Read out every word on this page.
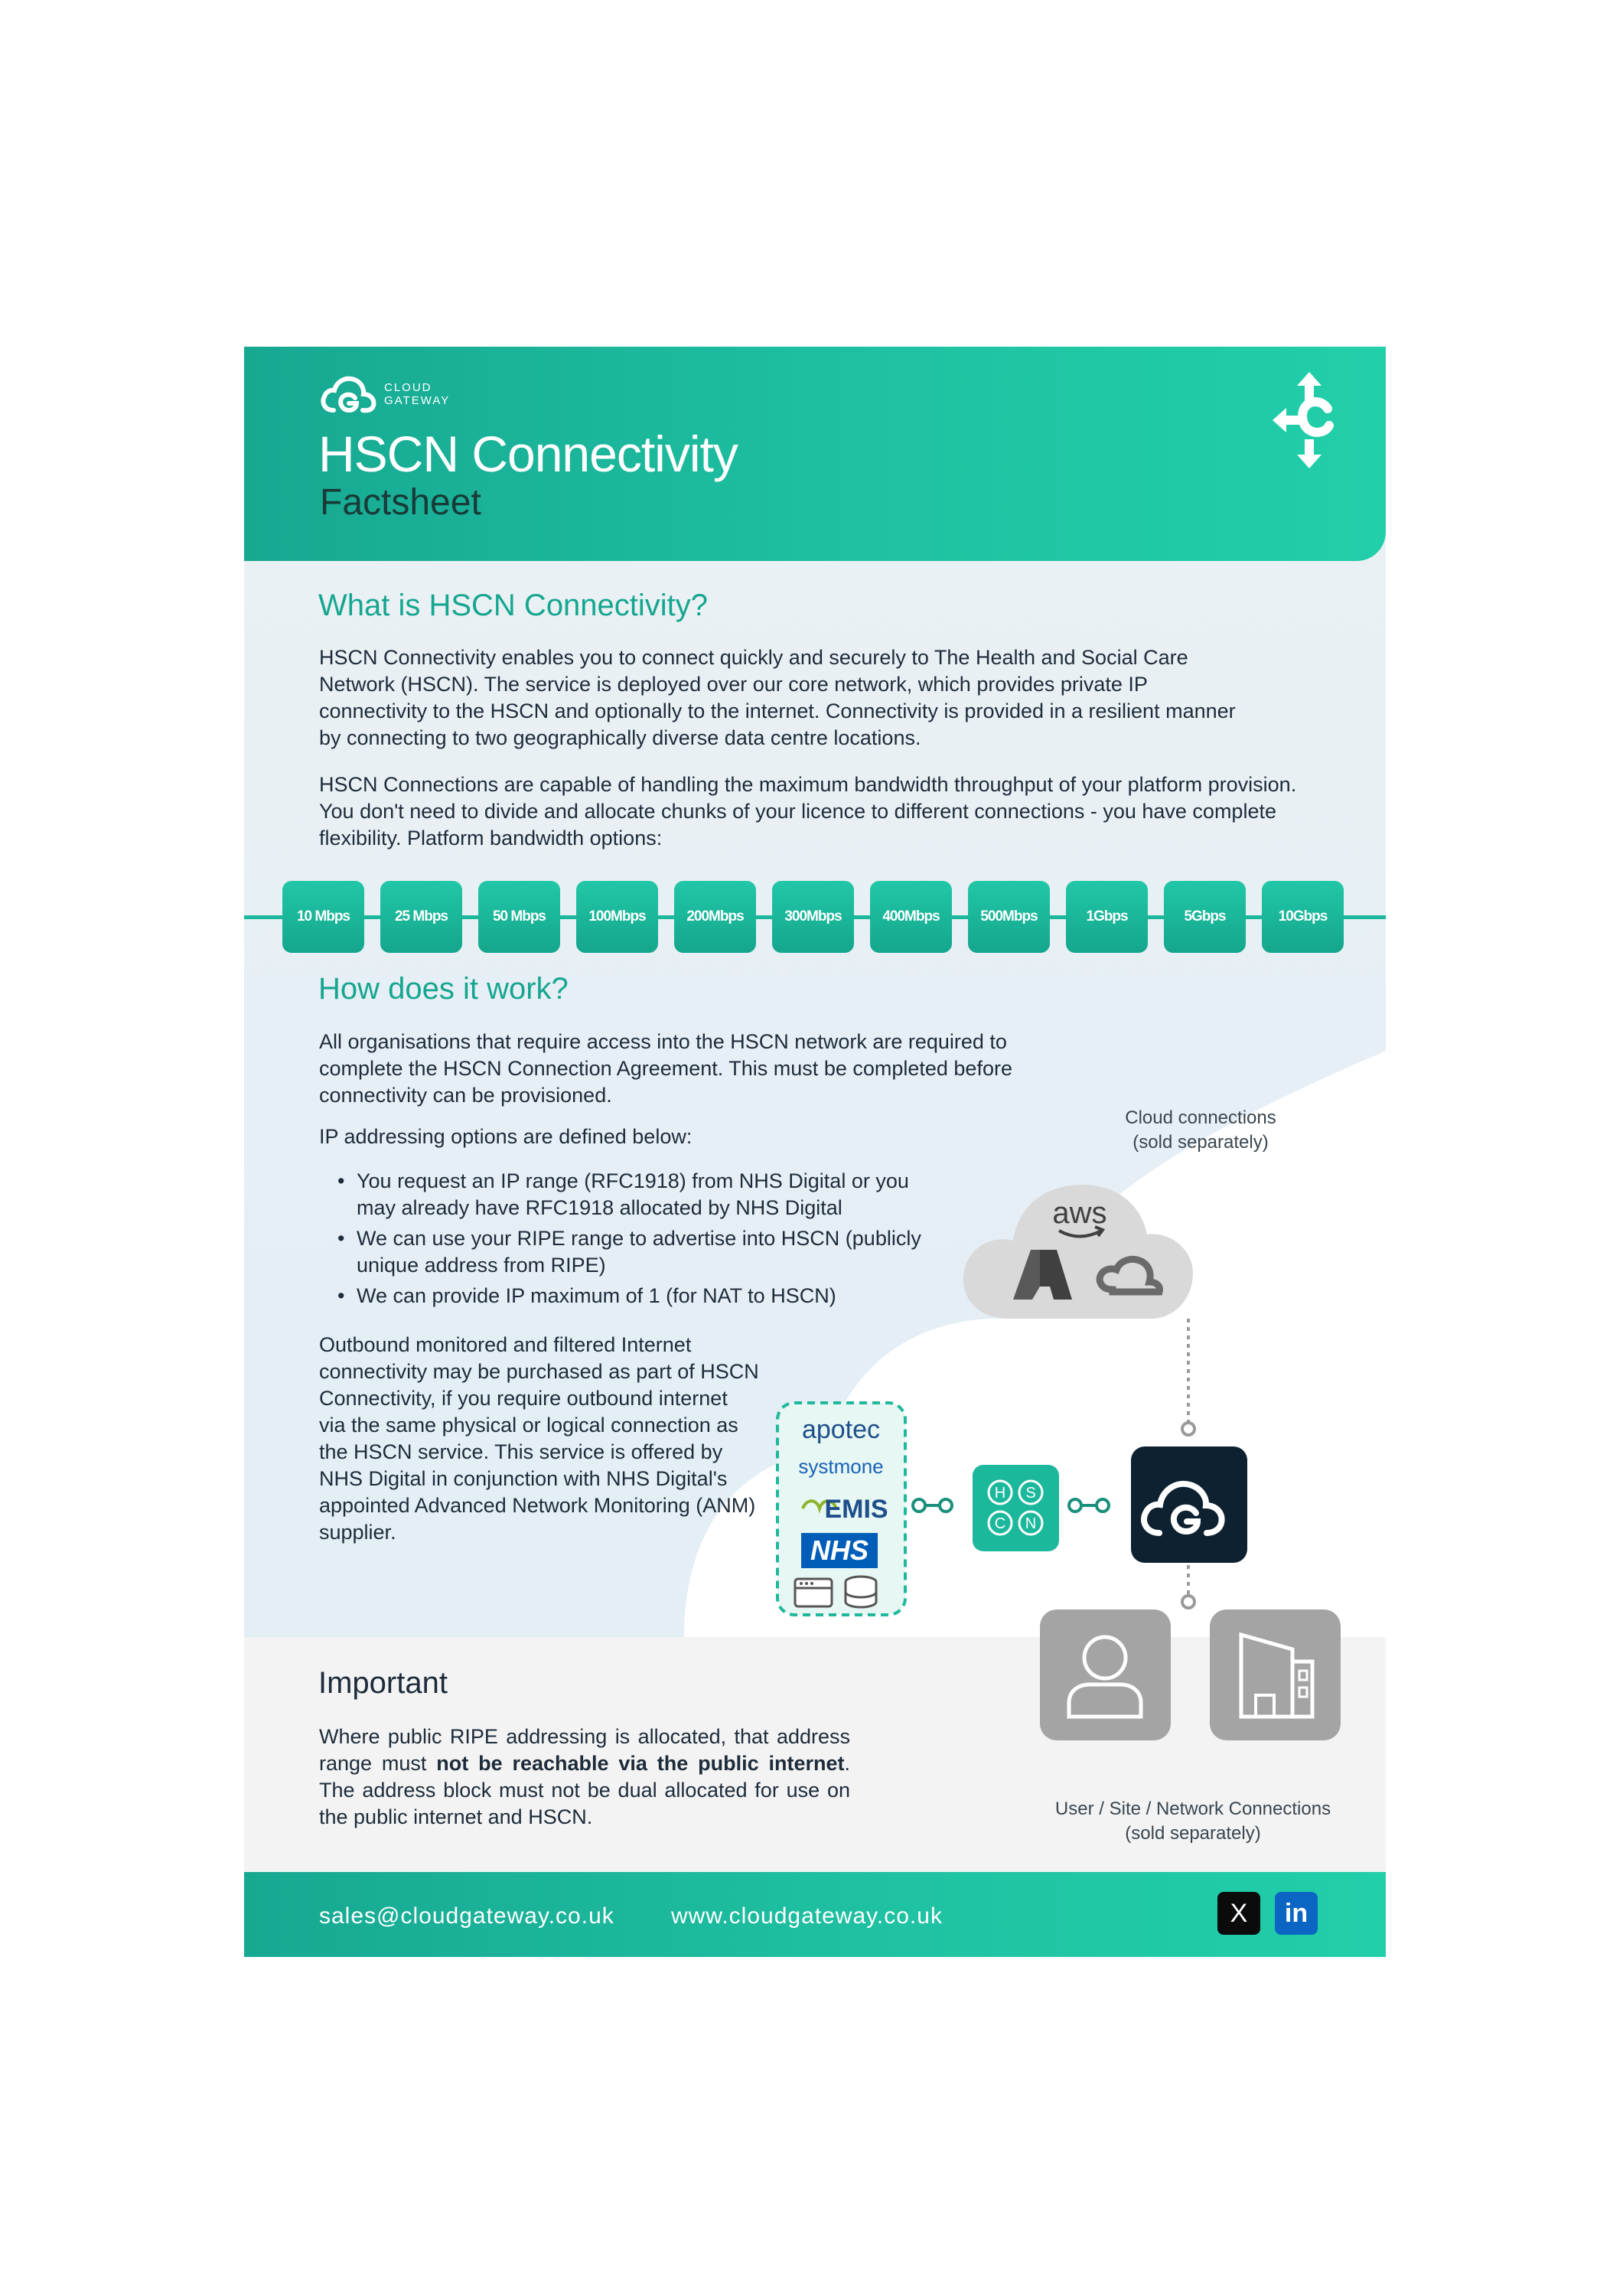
CLOUD
GATEWAY
HSCN Connectivity
Factsheet
What is HSCN Connectivity?

HSCN Connectivity enables you to connect quickly and securely to The Health and Social Care Network (HSCN). The service is deployed over our core network, which provides private IP connectivity to the HSCN and optionally to the internet. Connectivity is provided in a resilient manner by connecting to two geographically diverse data centre locations.

HSCN Connections are capable of handling the maximum bandwidth throughput of your platform provision. You don't need to divide and allocate chunks of your licence to different connections - you have complete flexibility. Platform bandwidth options:

10 Mbps	25 Mbps	50 Mbps	100Mbps	200Mbps	300Mbps	400Mbps	500Mbps	1Gbps	5Gbps	10Gbps
How does it work?

All organisations that require access into the HSCN network are required to complete the HSCN Connection Agreement. This must be completed before connectivity can be provisioned.

IP addressing options are defined below:

• You request an IP range (RFC1918) from NHS Digital or you may already have RFC1918 allocated by NHS Digital
• We can use your RIPE range to advertise into HSCN (publicly unique address from RIPE)
• We can provide IP maximum of 1 (for NAT to HSCN)

Outbound monitored and filtered Internet connectivity may be purchased as part of HSCN Connectivity, if you require outbound internet via the same physical or logical connection as the HSCN service. This service is offered by NHS Digital in conjunction with NHS Digital's appointed Advanced Network Monitoring (ANM) supplier.

Cloud connections
(sold separately)
aws
apotec
systmone
EMIS
NHS
H S
C N
User / Site / Network Connections
(sold separately)
Important

Where public RIPE addressing is allocated, that address range must not be reachable via the public internet. The address block must not be dual allocated for use on the public internet and HSCN.

sales@cloudgateway.co.uk www.cloudgateway.co.uk	X	in
